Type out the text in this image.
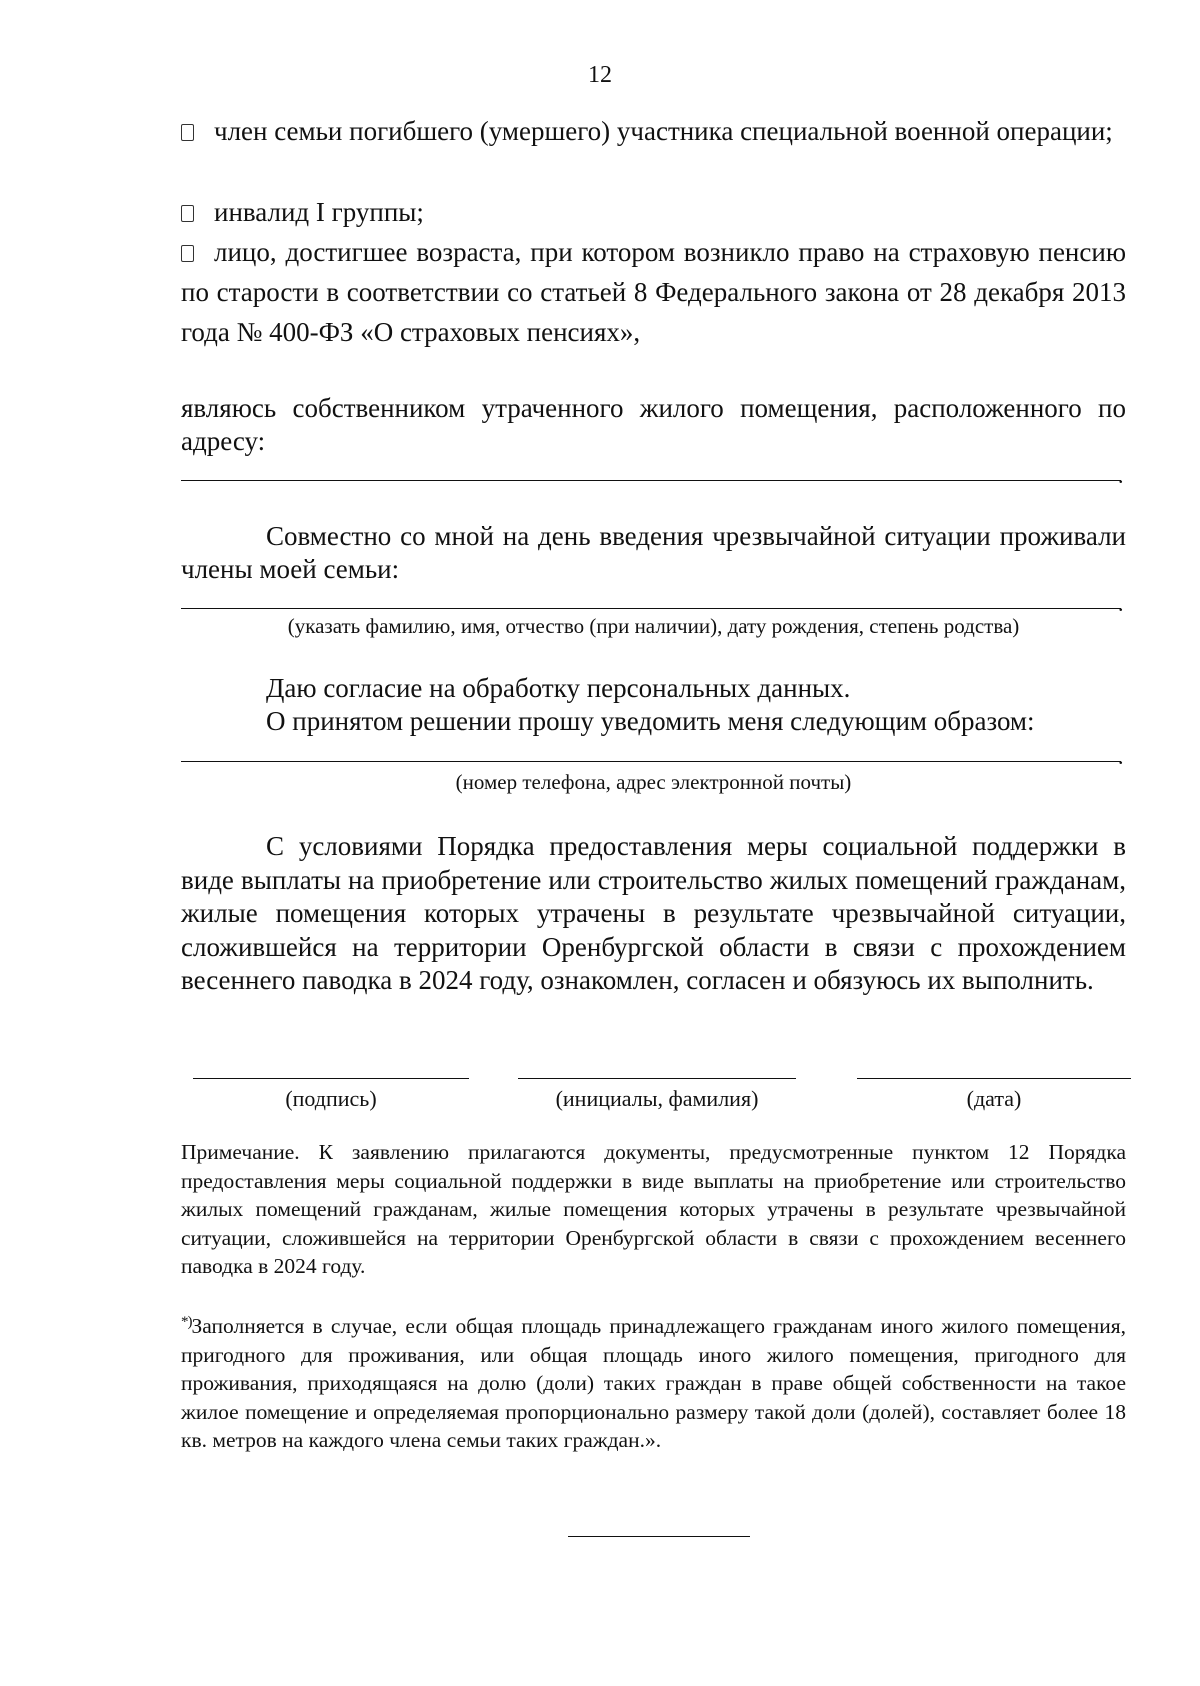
12
член семьи погибшего (умершего) участника специальной военной операции;
инвалид I группы;
лицо, достигшее возраста, при котором возникло право на страховую пенсию по старости в соответствии со статьей 8 Федерального закона от 28 декабря 2013 года № 400-ФЗ «О страховых пенсиях»,
являюсь собственником утраченного жилого помещения, расположенного по адресу:
.
Совместно со мной на день введения чрезвычайной ситуации проживали члены моей семьи:
.
(указать фамилию, имя, отчество (при наличии), дату рождения, степень родства)
Даю согласие на обработку персональных данных.
О принятом решении прошу уведомить меня следующим образом:
.
(номер телефона, адрес электронной почты)
С условиями Порядка предоставления меры социальной поддержки в виде выплаты на приобретение или строительство жилых помещений гражданам, жилые помещения которых утрачены в результате чрезвычайной ситуации, сложившейся на территории Оренбургской области в связи с прохождением весеннего паводка в 2024 году, ознакомлен, согласен и обязуюсь их выполнить.
(подпись)	(инициалы, фамилия)	(дата)
Примечание. К заявлению прилагаются документы, предусмотренные пунктом 12 Порядка предоставления меры социальной поддержки в виде выплаты на приобретение или строительство жилых помещений гражданам, жилые помещения которых утрачены в результате чрезвычайной ситуации, сложившейся на территории Оренбургской области в связи с прохождением весеннего паводка в 2024 году.
*)Заполняется в случае, если общая площадь принадлежащего гражданам иного жилого помещения, пригодного для проживания, или общая площадь иного жилого помещения, пригодного для проживания, приходящаяся на долю (доли) таких граждан в праве общей собственности на такое жилое помещение и определяемая пропорционально размеру такой доли (долей), составляет более 18 кв. метров на каждого члена семьи таких граждан.».
